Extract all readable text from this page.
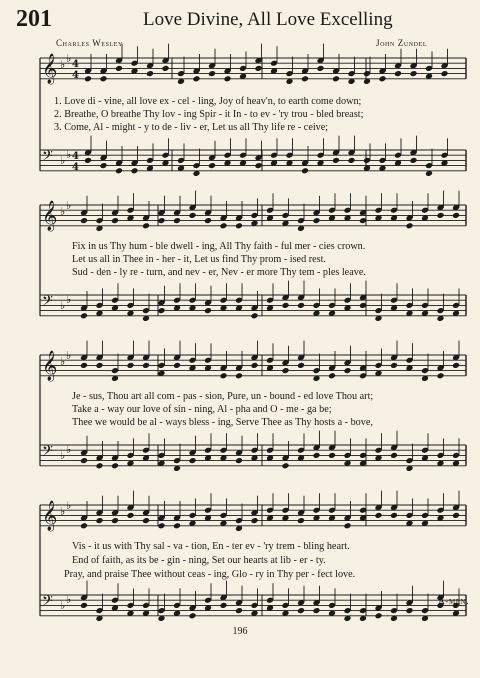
201	Love Divine, All Love Excelling
Charles Wesley	John Zundel
𝄞 ♭ ♭ 4
4
𝄢 ♭ ♭ 4
4
𝄞 ♭ ♭
𝄢 ♭ ♭
𝄞 ♭ ♭
𝄢 ♭ ♭
𝄞 ♭ ♭
𝄢 ♭ ♭
1. Love di - vine, all love ex - cel - ling, Joy of heav'n, to earth come down;
2. Breathe, O breathe Thy lov - ing Spir - it In - to ev - 'ry trou - bled breast;
3. Come, Al - might - y to de - liv - er, Let us all Thy life re - ceive;
Fix in us Thy hum - ble dwell - ing, All Thy faith - ful mer - cies crown.
Let us all in Thee in - her - it, Let us find Thy prom - ised rest.
Sud - den - ly re - turn, and nev - er, Nev - er more Thy tem - ples leave.
Je - sus, Thou art all com - pas - sion, Pure, un - bound - ed love Thou art;
Take a - way our love of sin - ning, Al - pha and O - me - ga be;
Thee we would be al - ways bless - ing, Serve Thee as Thy hosts a - bove,
Vis - it us with Thy sal - va - tion, En - ter ev - 'ry trem - bling heart.
End of faith, as its be - gin - ning, Set our hearts at lib - er - ty.
Pray, and praise Thee without ceas - ing, Glo - ry in Thy per - fect love.
A-men.
196
